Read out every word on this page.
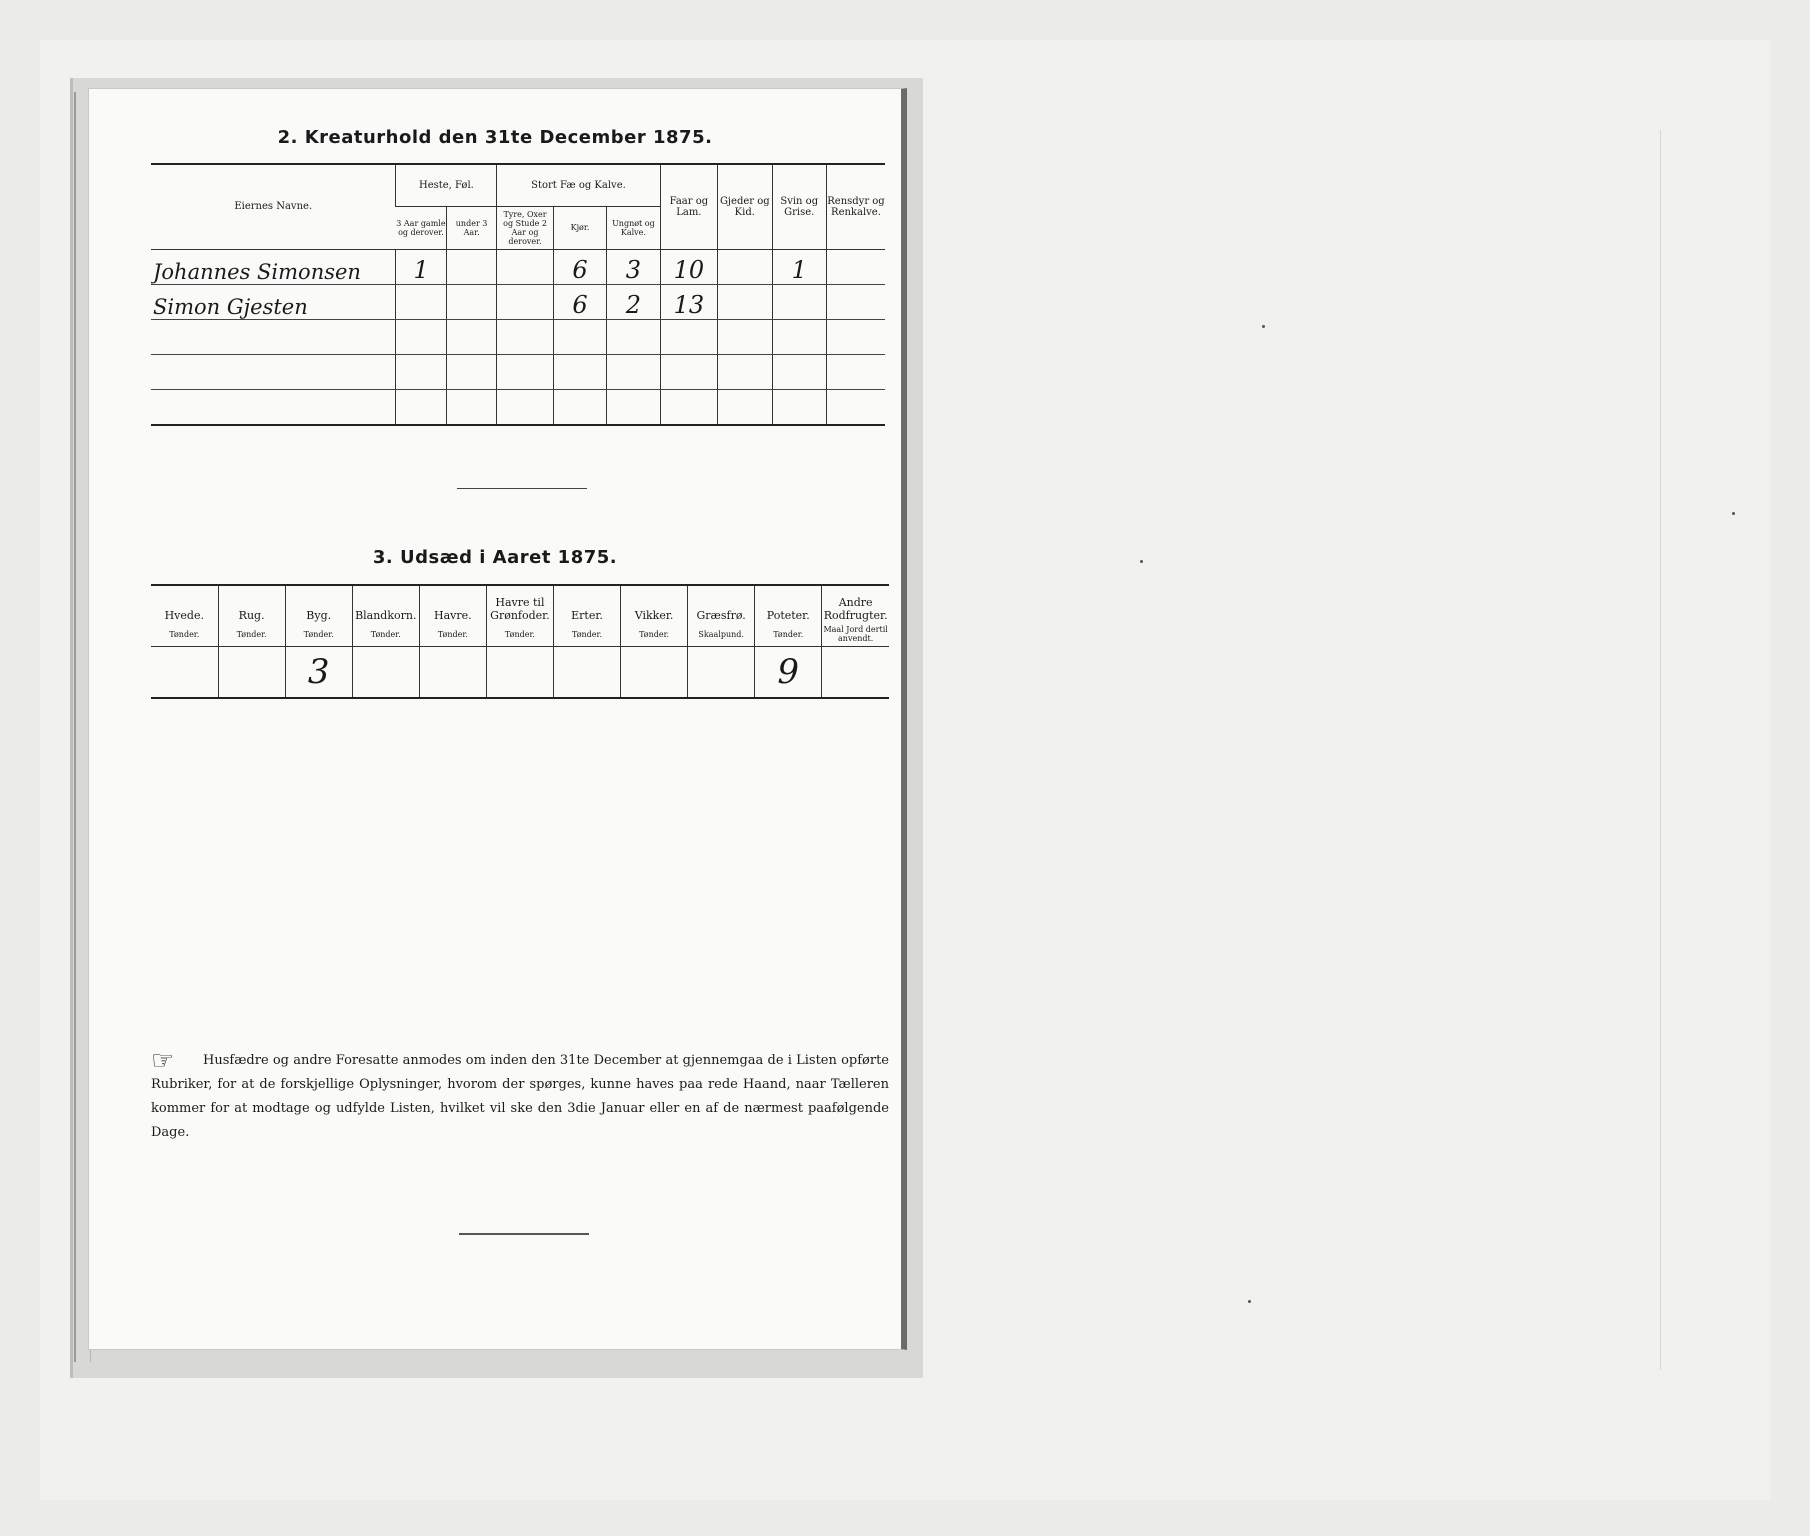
2. Kreaturhold den 31te December 1875.
Eiernes Navne.	Heste, Føl.		Stort Fæ og Kalve.			Faar og Lam.	Gjeder og Kid.	Svin og Grise.	Rensdyr og Renkalve.
	3 Aar gamle og derover.	under 3 Aar.	Tyre, Oxer og Stude 2 Aar og derover.	Kjør.	Ungnøt og Kalve.				
Johannes Simonsen	1			6	3	10		1	
Simon Gjesten				6	2	13			

3. Udsæd i Aaret 1875.
Hvede.	Rug.	Byg.	Blandkorn.	Havre.	Havre til Grønfoder.	Erter.	Vikker.	Græsfrø.	Poteter.	Andre Rodfrugter.
Tønder.	Tønder.	Tønder.	Tønder.	Tønder.	Tønder.	Tønder.	Tønder.	Skaalpund.	Tønder.	Maal Jord dertil anvendt.
		3							9	
☞ Husfædre og andre Foresatte anmodes om inden den 31te December at gjennemgaa de i Listen opførte Rubriker, for at de forskjellige Oplysninger, hvorom der spørges, kunne haves paa rede Haand, naar Tælleren kommer for at modtage og udfylde Listen, hvilket vil ske den 3die Januar eller en af de nærmest paafølgende Dage.
